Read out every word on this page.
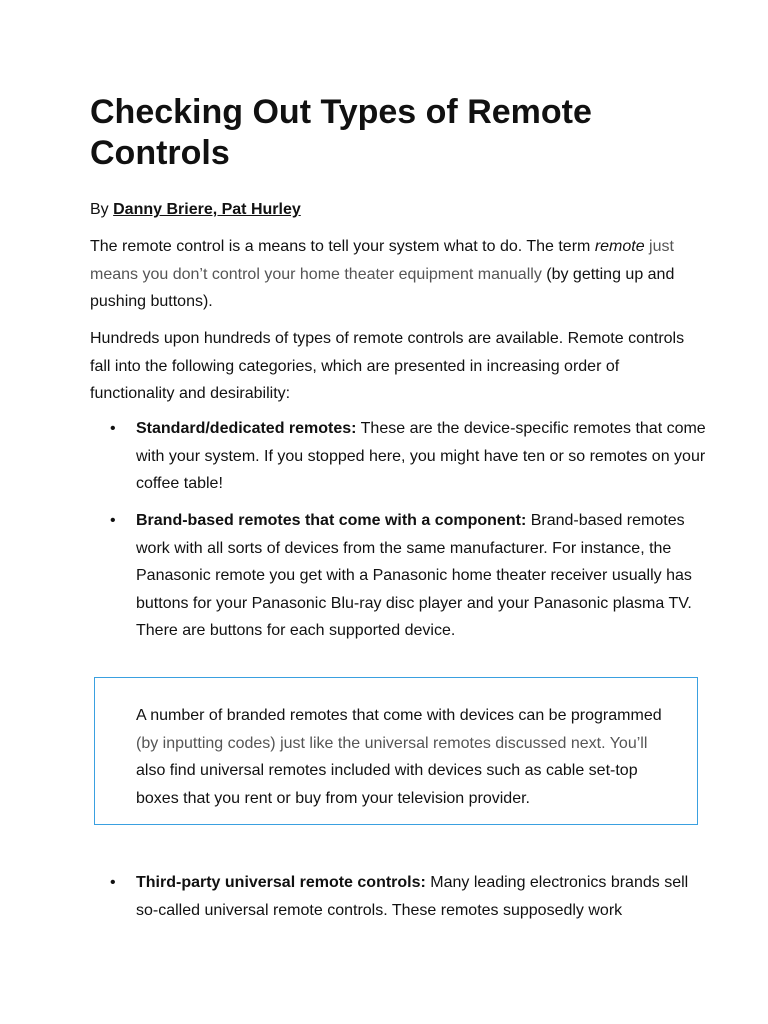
Checking Out Types of Remote Controls
By Danny Briere, Pat Hurley

The remote control is a means to tell your system what to do. The term remote just means you don’t control your home theater equipment manually (by getting up and pushing buttons).

Hundreds upon hundreds of types of remote controls are available. Remote controls fall into the following categories, which are presented in increasing order of functionality and desirability:

• Standard/dedicated remotes: These are the device-specific remotes that come with your system. If you stopped here, you might have ten or so remotes on your coffee table!
• Brand-based remotes that come with a component: Brand-based remotes work with all sorts of devices from the same manufacturer. For instance, the Panasonic remote you get with a Panasonic home theater receiver usually has buttons for your Panasonic Blu-ray disc player and your Panasonic plasma TV. There are buttons for each supported device.

A number of branded remotes that come with devices can be programmed (by inputting codes) just like the universal remotes discussed next. You’ll also find universal remotes included with devices such as cable set-top boxes that you rent or buy from your television provider.

• Third-party universal remote controls: Many leading electronics brands sell so-called universal remote controls. These remotes supposedly work
